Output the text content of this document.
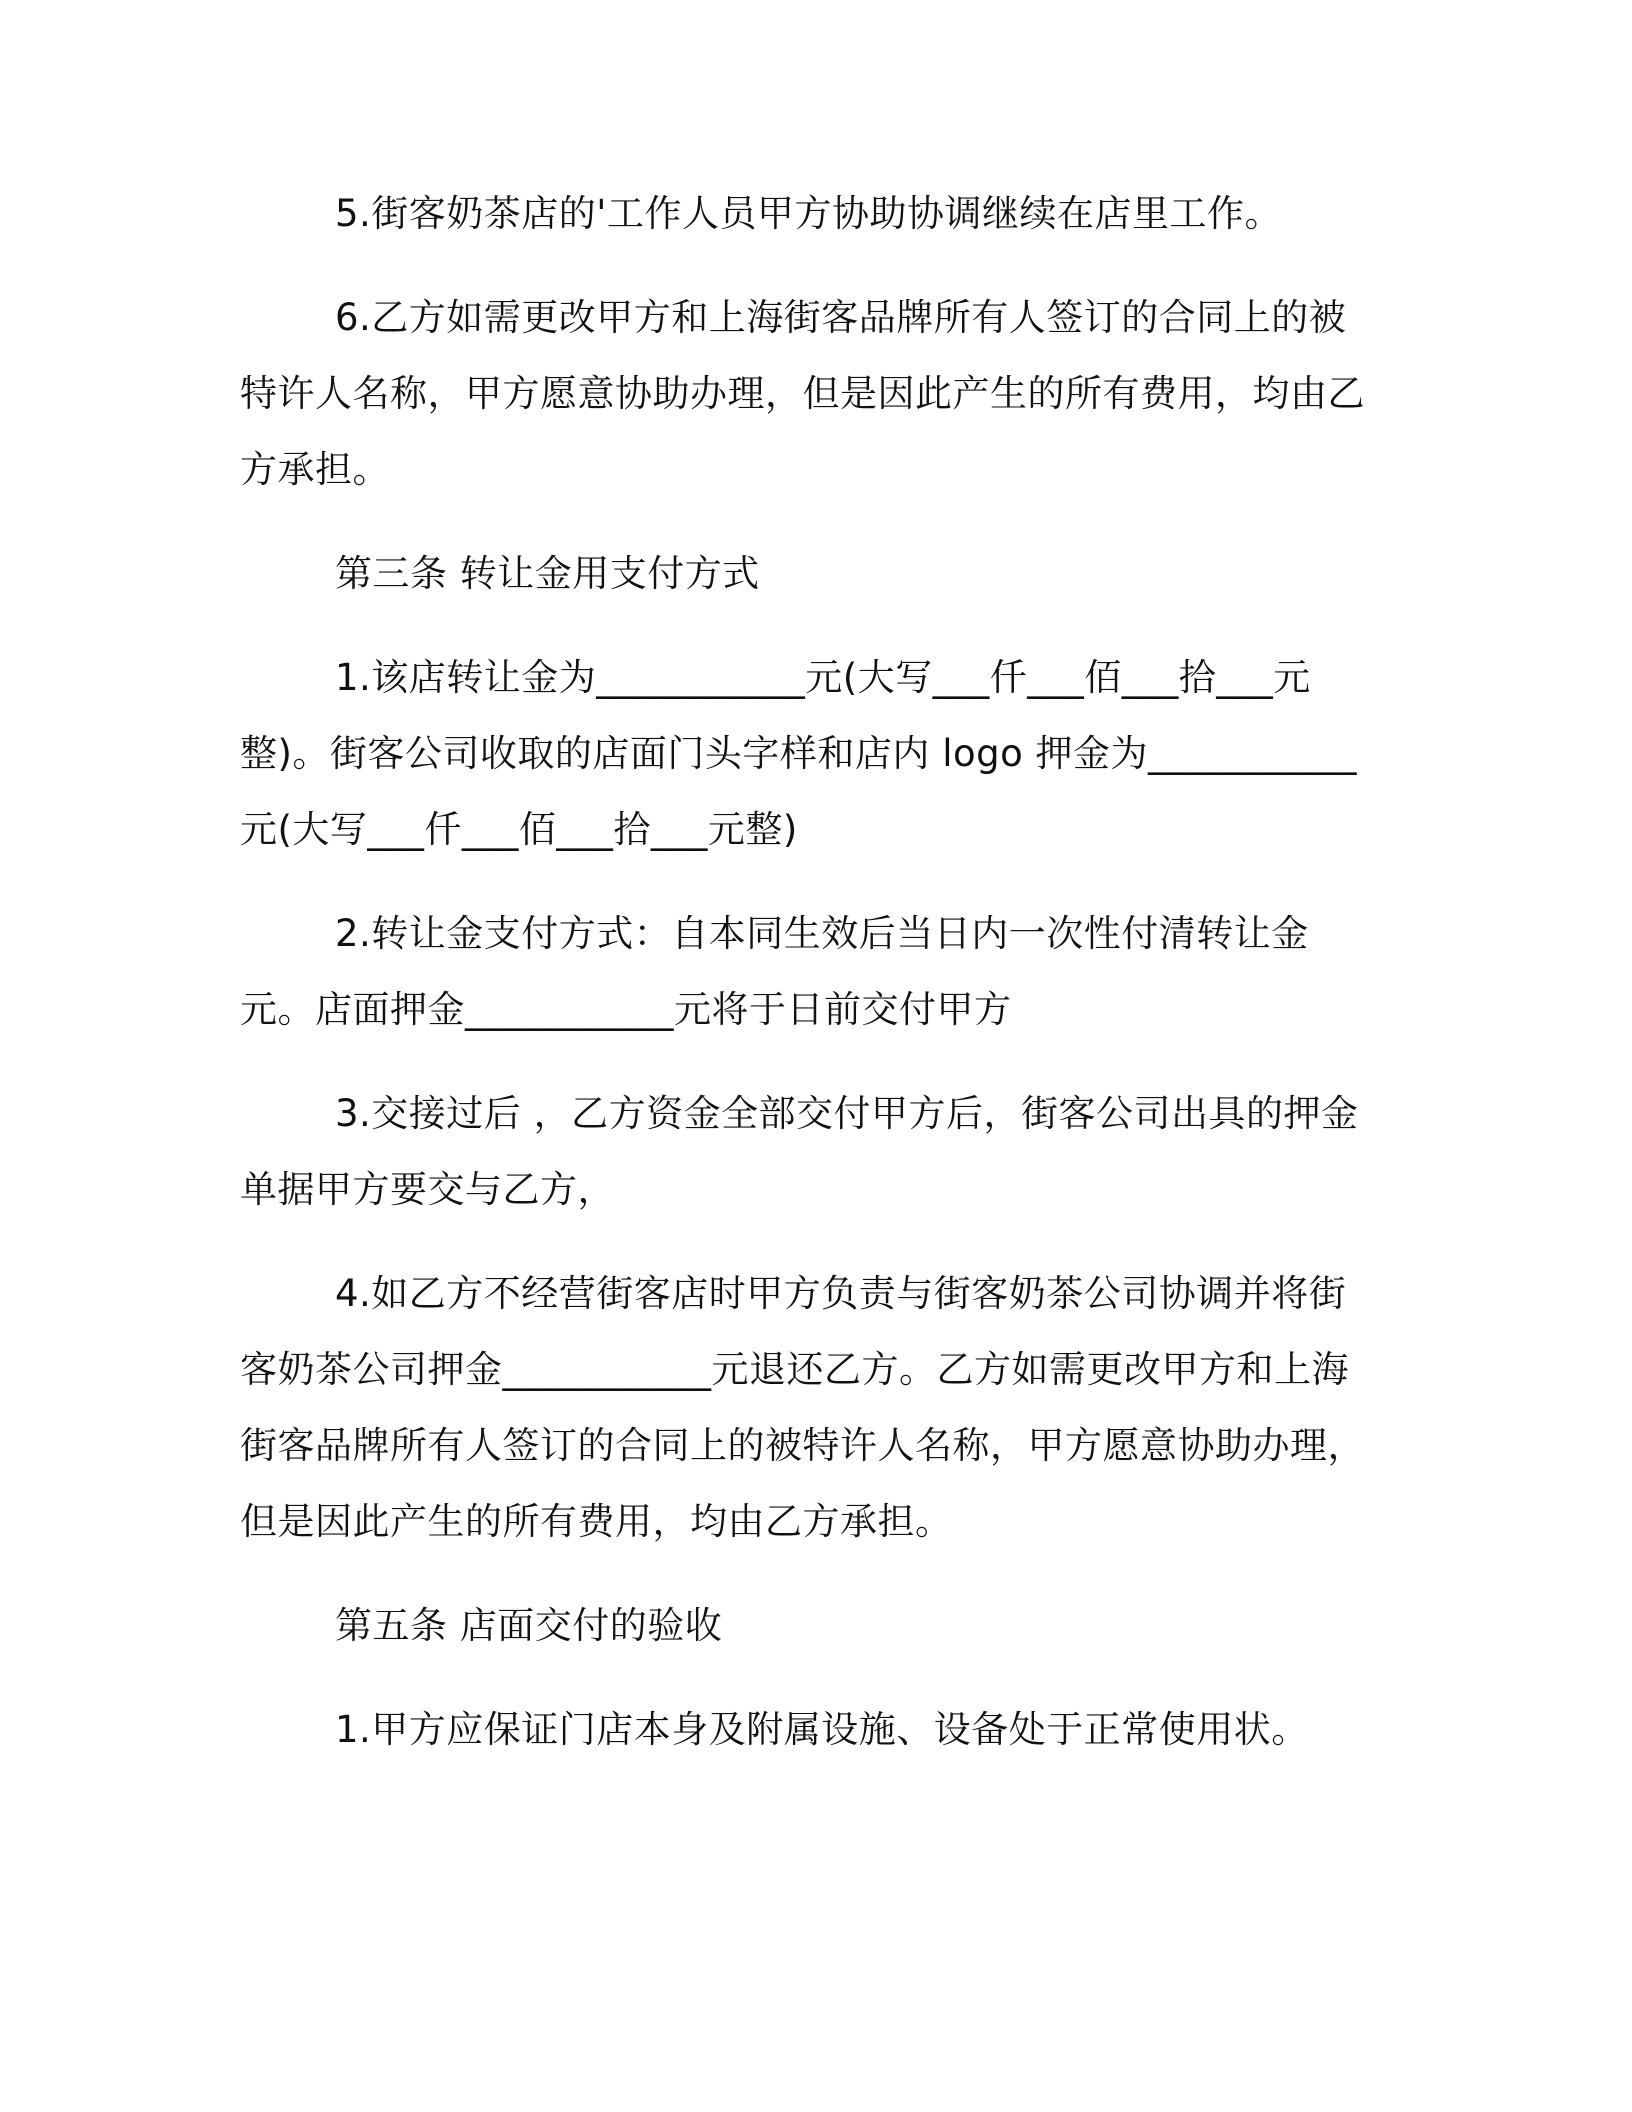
5.街客奶茶店的'工作人员甲方协助协调继续在店里工作。

6.乙方如需更改甲方和上海街客品牌所有人签订的合同上的被特许人名称，甲方愿意协助办理，但是因此产生的所有费用，均由乙方承担。

第三条 转让金用支付方式

1.该店转让金为___________元(大写___仟___佰___拾___元整)。街客公司收取的店面门头字样和店内 logo 押金为___________元(大写___仟___佰___拾___元整)

2.转让金支付方式：自本同生效后当日内一次性付清转让金 元。店面押金___________元将于日前交付甲方

3.交接过后 ，乙方资金全部交付甲方后，街客公司出具的押金单据甲方要交与乙方，

4.如乙方不经营街客店时甲方负责与街客奶茶公司协调并将街客奶茶公司押金___________元退还乙方。乙方如需更改甲方和上海街客品牌所有人签订的合同上的被特许人名称，甲方愿意协助办理，但是因此产生的所有费用，均由乙方承担。

第五条 店面交付的验收

1.甲方应保证门店本身及附属设施、设备处于正常使用状。
